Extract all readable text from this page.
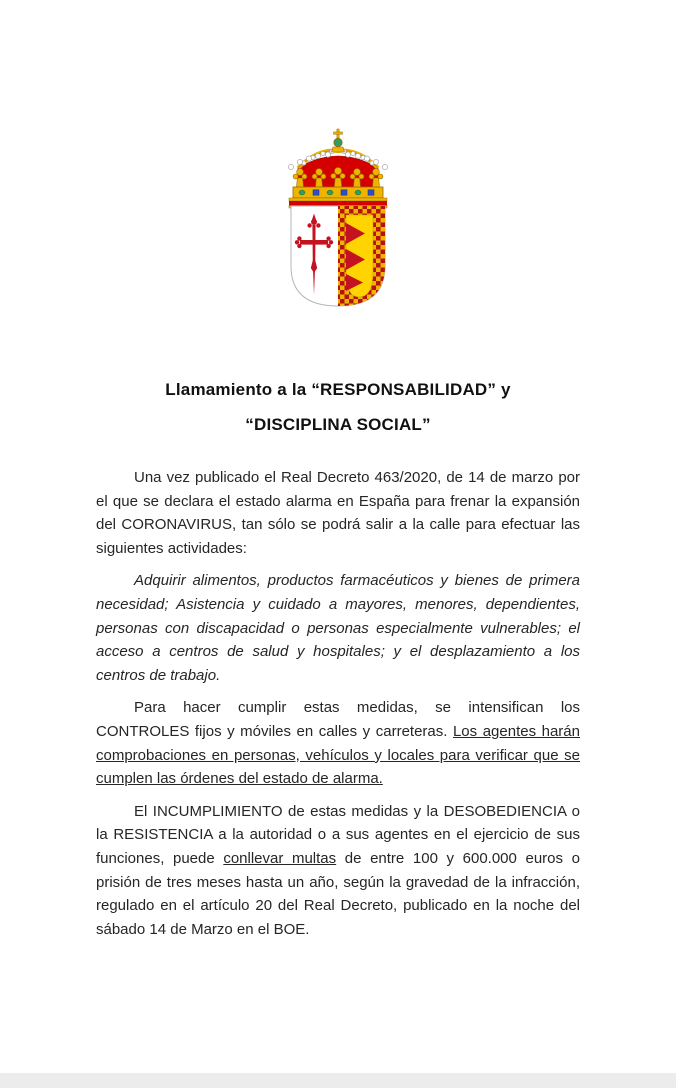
Llamamiento a la “RESPONSABILIDAD” y
“DISCIPLINA SOCIAL”

Una vez publicado el Real Decreto 463/2020, de 14 de marzo por el que se declara el estado alarma en España para frenar la expansión del CORONAVIRUS, tan sólo se podrá salir a la calle para efectuar las siguientes actividades:

Adquirir alimentos, productos farmacéuticos y bienes de primera necesidad; Asistencia y cuidado a mayores, menores, dependientes, personas con discapacidad o personas especialmente vulnerables; el acceso a centros de salud y hospitales; y el desplazamiento a los centros de trabajo.

Para hacer cumplir estas medidas, se intensifican los CONTROLES fijos y móviles en calles y carreteras. Los agentes harán comprobaciones en personas, vehículos y locales para verificar que se cumplen las órdenes del estado de alarma.

El INCUMPLIMIENTO de estas medidas y la DESOBEDIENCIA o la RESISTENCIA a la autoridad o a sus agentes en el ejercicio de sus funciones, puede conllevar multas de entre 100 y 600.000 euros o prisión de tres meses hasta un año, según la gravedad de la infracción, regulado en el artículo 20 del Real Decreto, publicado en la noche del sábado 14 de Marzo en el BOE.
